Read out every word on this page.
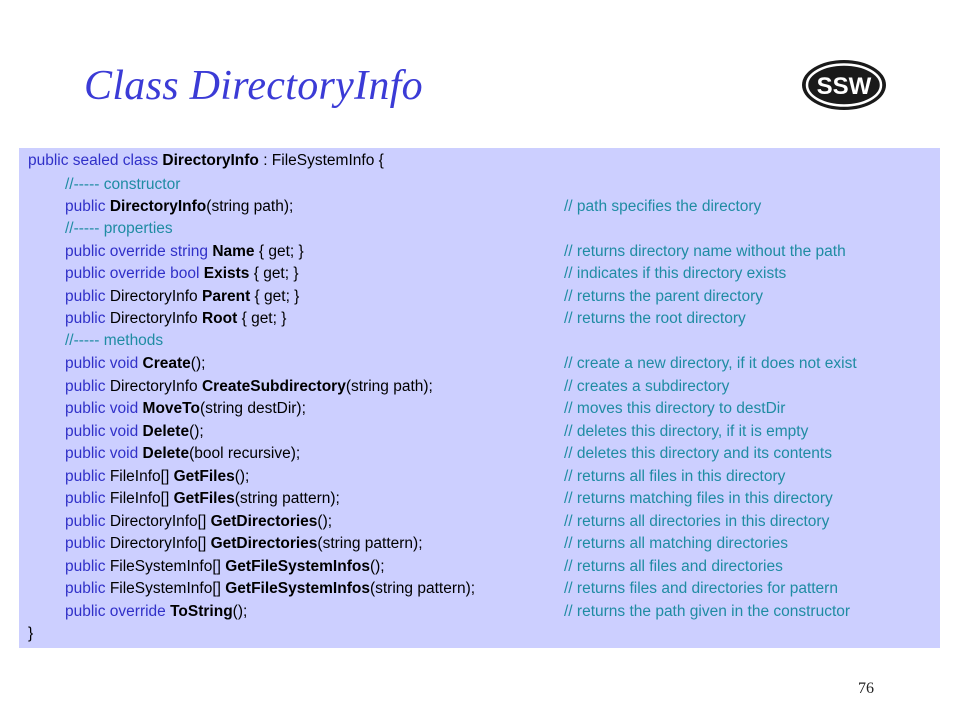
Class DirectoryInfo	SSW
public sealed class DirectoryInfo : FileSystemInfo {
//----- constructor
public DirectoryInfo(string path);	// path specifies the directory
//----- properties
public override string Name { get; }	// returns directory name without the path
public override bool Exists { get; }	// indicates if this directory exists
public DirectoryInfo Parent { get; }	// returns the parent directory
public DirectoryInfo Root { get; }	// returns the root directory
//----- methods
public void Create();	// create a new directory, if it does not exist
public DirectoryInfo CreateSubdirectory(string path);	// creates a subdirectory
public void MoveTo(string destDir);	// moves this directory to destDir
public void Delete();	// deletes this directory, if it is empty
public void Delete(bool recursive);	// deletes this directory and its contents
public FileInfo[] GetFiles();	// returns all files in this directory
public FileInfo[] GetFiles(string pattern);	// returns matching files in this directory
public DirectoryInfo[] GetDirectories();	// returns all directories in this directory
public DirectoryInfo[] GetDirectories(string pattern);	// returns all matching directories
public FileSystemInfo[] GetFileSystemInfos();	// returns all files and directories
public FileSystemInfo[] GetFileSystemInfos(string pattern);	// returns files and directories for pattern
public override ToString();	// returns the path given in the constructor
}
76
